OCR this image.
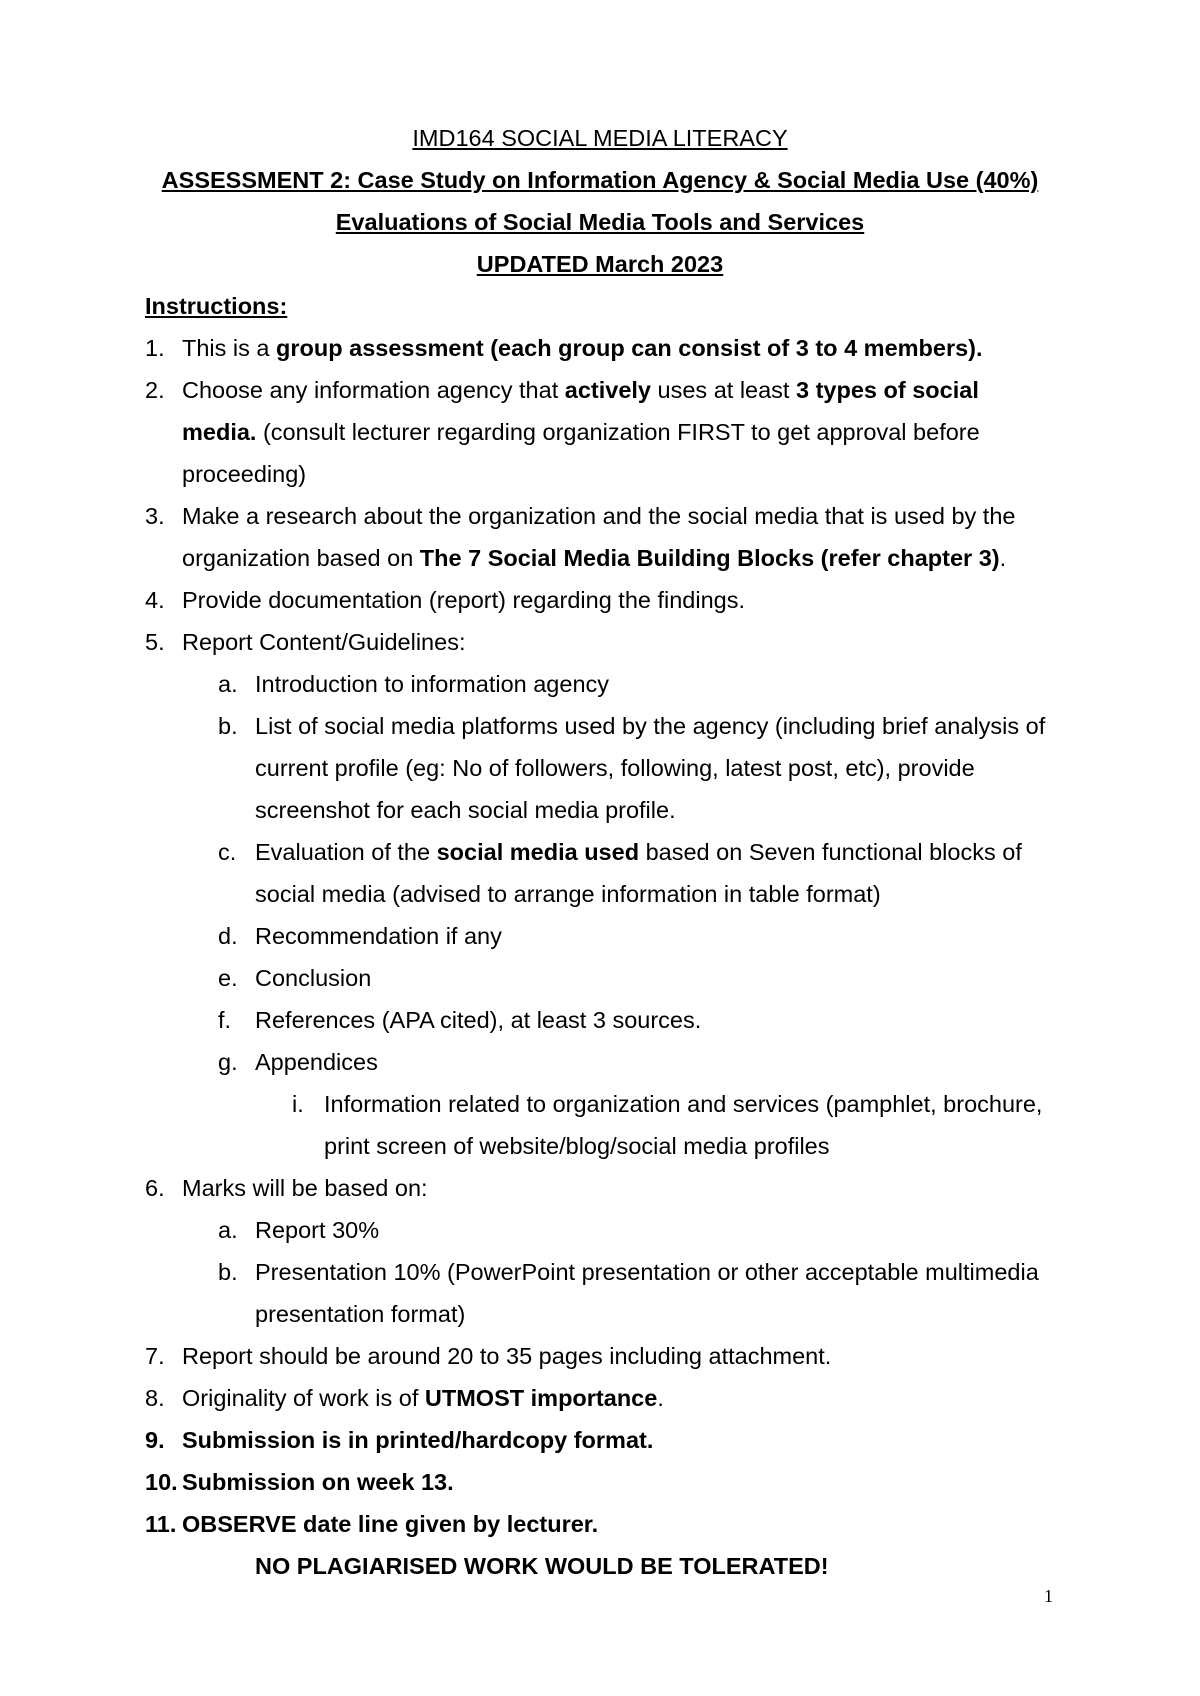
IMD164 SOCIAL MEDIA LITERACY
ASSESSMENT 2: Case Study on Information Agency & Social Media Use (40%)
Evaluations of Social Media Tools and Services
UPDATED March 2023
Instructions:
1. This is a group assessment (each group can consist of 3 to 4 members).
2. Choose any information agency that actively uses at least 3 types of social media. (consult lecturer regarding organization FIRST to get approval before proceeding)
3. Make a research about the organization and the social media that is used by the organization based on The 7 Social Media Building Blocks (refer chapter 3).
4. Provide documentation (report) regarding the findings.
5. Report Content/Guidelines:
a. Introduction to information agency
b. List of social media platforms used by the agency (including brief analysis of current profile (eg: No of followers, following, latest post, etc), provide screenshot for each social media profile.
c. Evaluation of the social media used based on Seven functional blocks of social media (advised to arrange information in table format)
d. Recommendation if any
e. Conclusion
f.	References (APA cited), at least 3 sources.
g. Appendices
i. Information related to organization and services (pamphlet, brochure, print screen of website/blog/social media profiles
6. Marks will be based on:
a. Report 30%
b. Presentation 10% (PowerPoint presentation or other acceptable multimedia presentation format)
7. Report should be around 20 to 35 pages including attachment.
8. Originality of work is of UTMOST importance.
9. Submission is in printed/hardcopy format.
10. Submission on week 13.
11. OBSERVE date line given by lecturer.
NO PLAGIARISED WORK WOULD BE TOLERATED!
1
